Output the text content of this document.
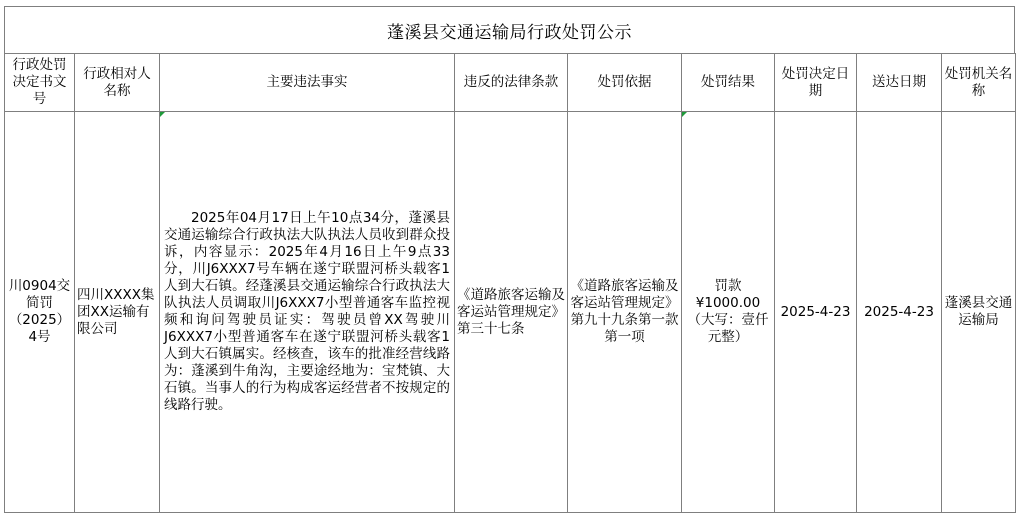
蓬溪县交通运输局行政处罚公示
行政处罚决定书文号	行政相对人名称	主要违法事实	违反的法律条款	处罚依据	处罚结果	处罚决定日期	送达日期	处罚机关名称
川0904交简罚（2025）4号	四川XXXX集团XX运输有限公司	2025年04月17日上午10点34分，蓬溪县交通运输综合行政执法大队执法人员收到群众投诉，内容显示：2025年4月16日上午9点33分，川J6XXX7号车辆在遂宁联盟河桥头载客1人到大石镇。经蓬溪县交通运输综合行政执法大队执法人员调取川J6XXX7小型普通客车监控视频和询问驾驶员证实：驾驶员曾XX驾驶川J6XXX7小型普通客车在遂宁联盟河桥头载客1人到大石镇属实。经核查，该车的批准经营线路为：蓬溪到牛角沟，主要途经地为：宝梵镇、大石镇。当事人的行为构成客运经营者不按规定的线路行驶。	《道路旅客运输及客运站管理规定》第三十七条	《道路旅客运输及客运站管理规定》第九十九条第一款第一项	罚款¥1000.00（大写：壹仟元整）	2025-4-23	2025-4-23	蓬溪县交通运输局
